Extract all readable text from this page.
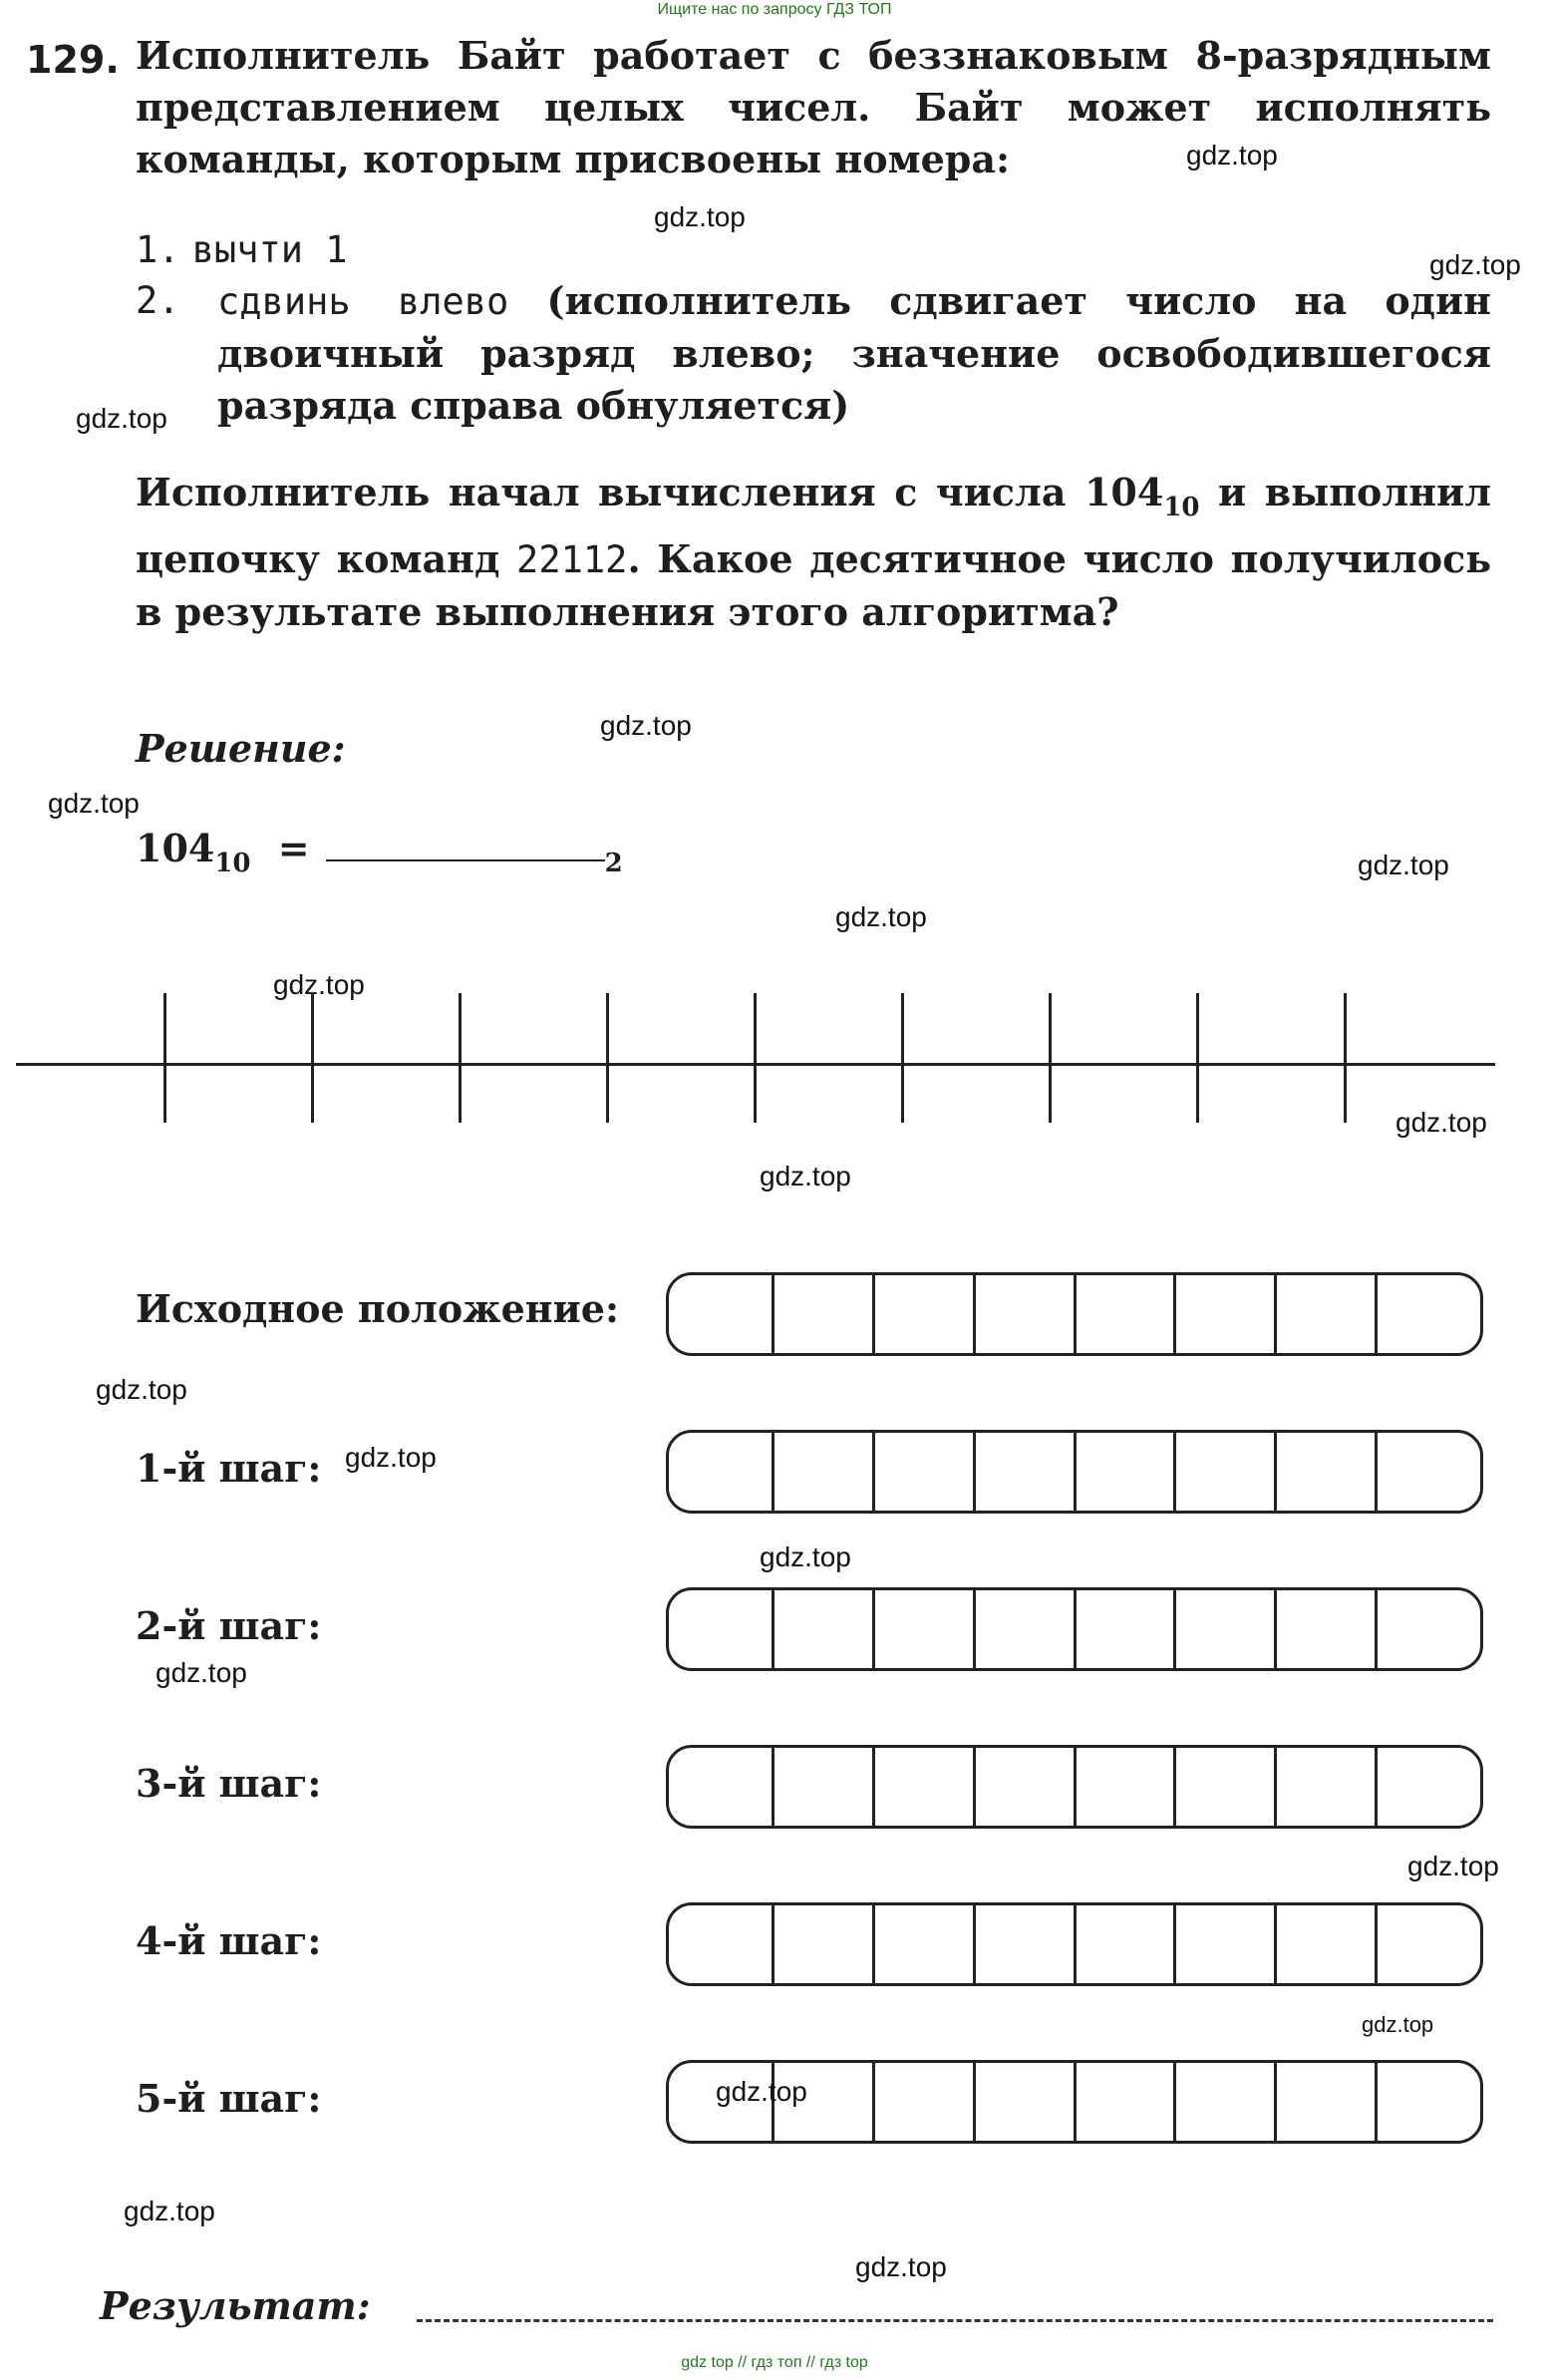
Ищите нас по запросу ГДЗ ТОП
129. Исполнитель Байт работает с беззнаковым 8-разрядным представлением целых чисел. Байт может исполнять команды, которым присвоены номера:
1. вычти 1
2.	сдвинь влево (исполнитель сдвигает число на один двоичный разряд влево; значение освободившегося разряда справа обнуляется)
Исполнитель начал вычисления с числа $104_{10}$ и выполнил цепочку команд 22112. Какое десятичное число получилось в результате выполнения этого алгоритма?
Решение:
$104_{10}$ =	$_2$
Исходное положение:
1-й шаг:
2-й шаг:
3-й шаг:
4-й шаг:
5-й шаг:
Результат:
gdz.top
gdz.top
gdz.top
gdz.top
gdz.top
gdz.top
gdz.top
gdz.top
gdz.top
gdz.top
gdz.top
gdz.top
gdz.top
gdz.top
gdz.top
gdz.top
gdz.top
gdz.top
gdz.top
gdz.top
gdz top // гдз топ // гдз top
